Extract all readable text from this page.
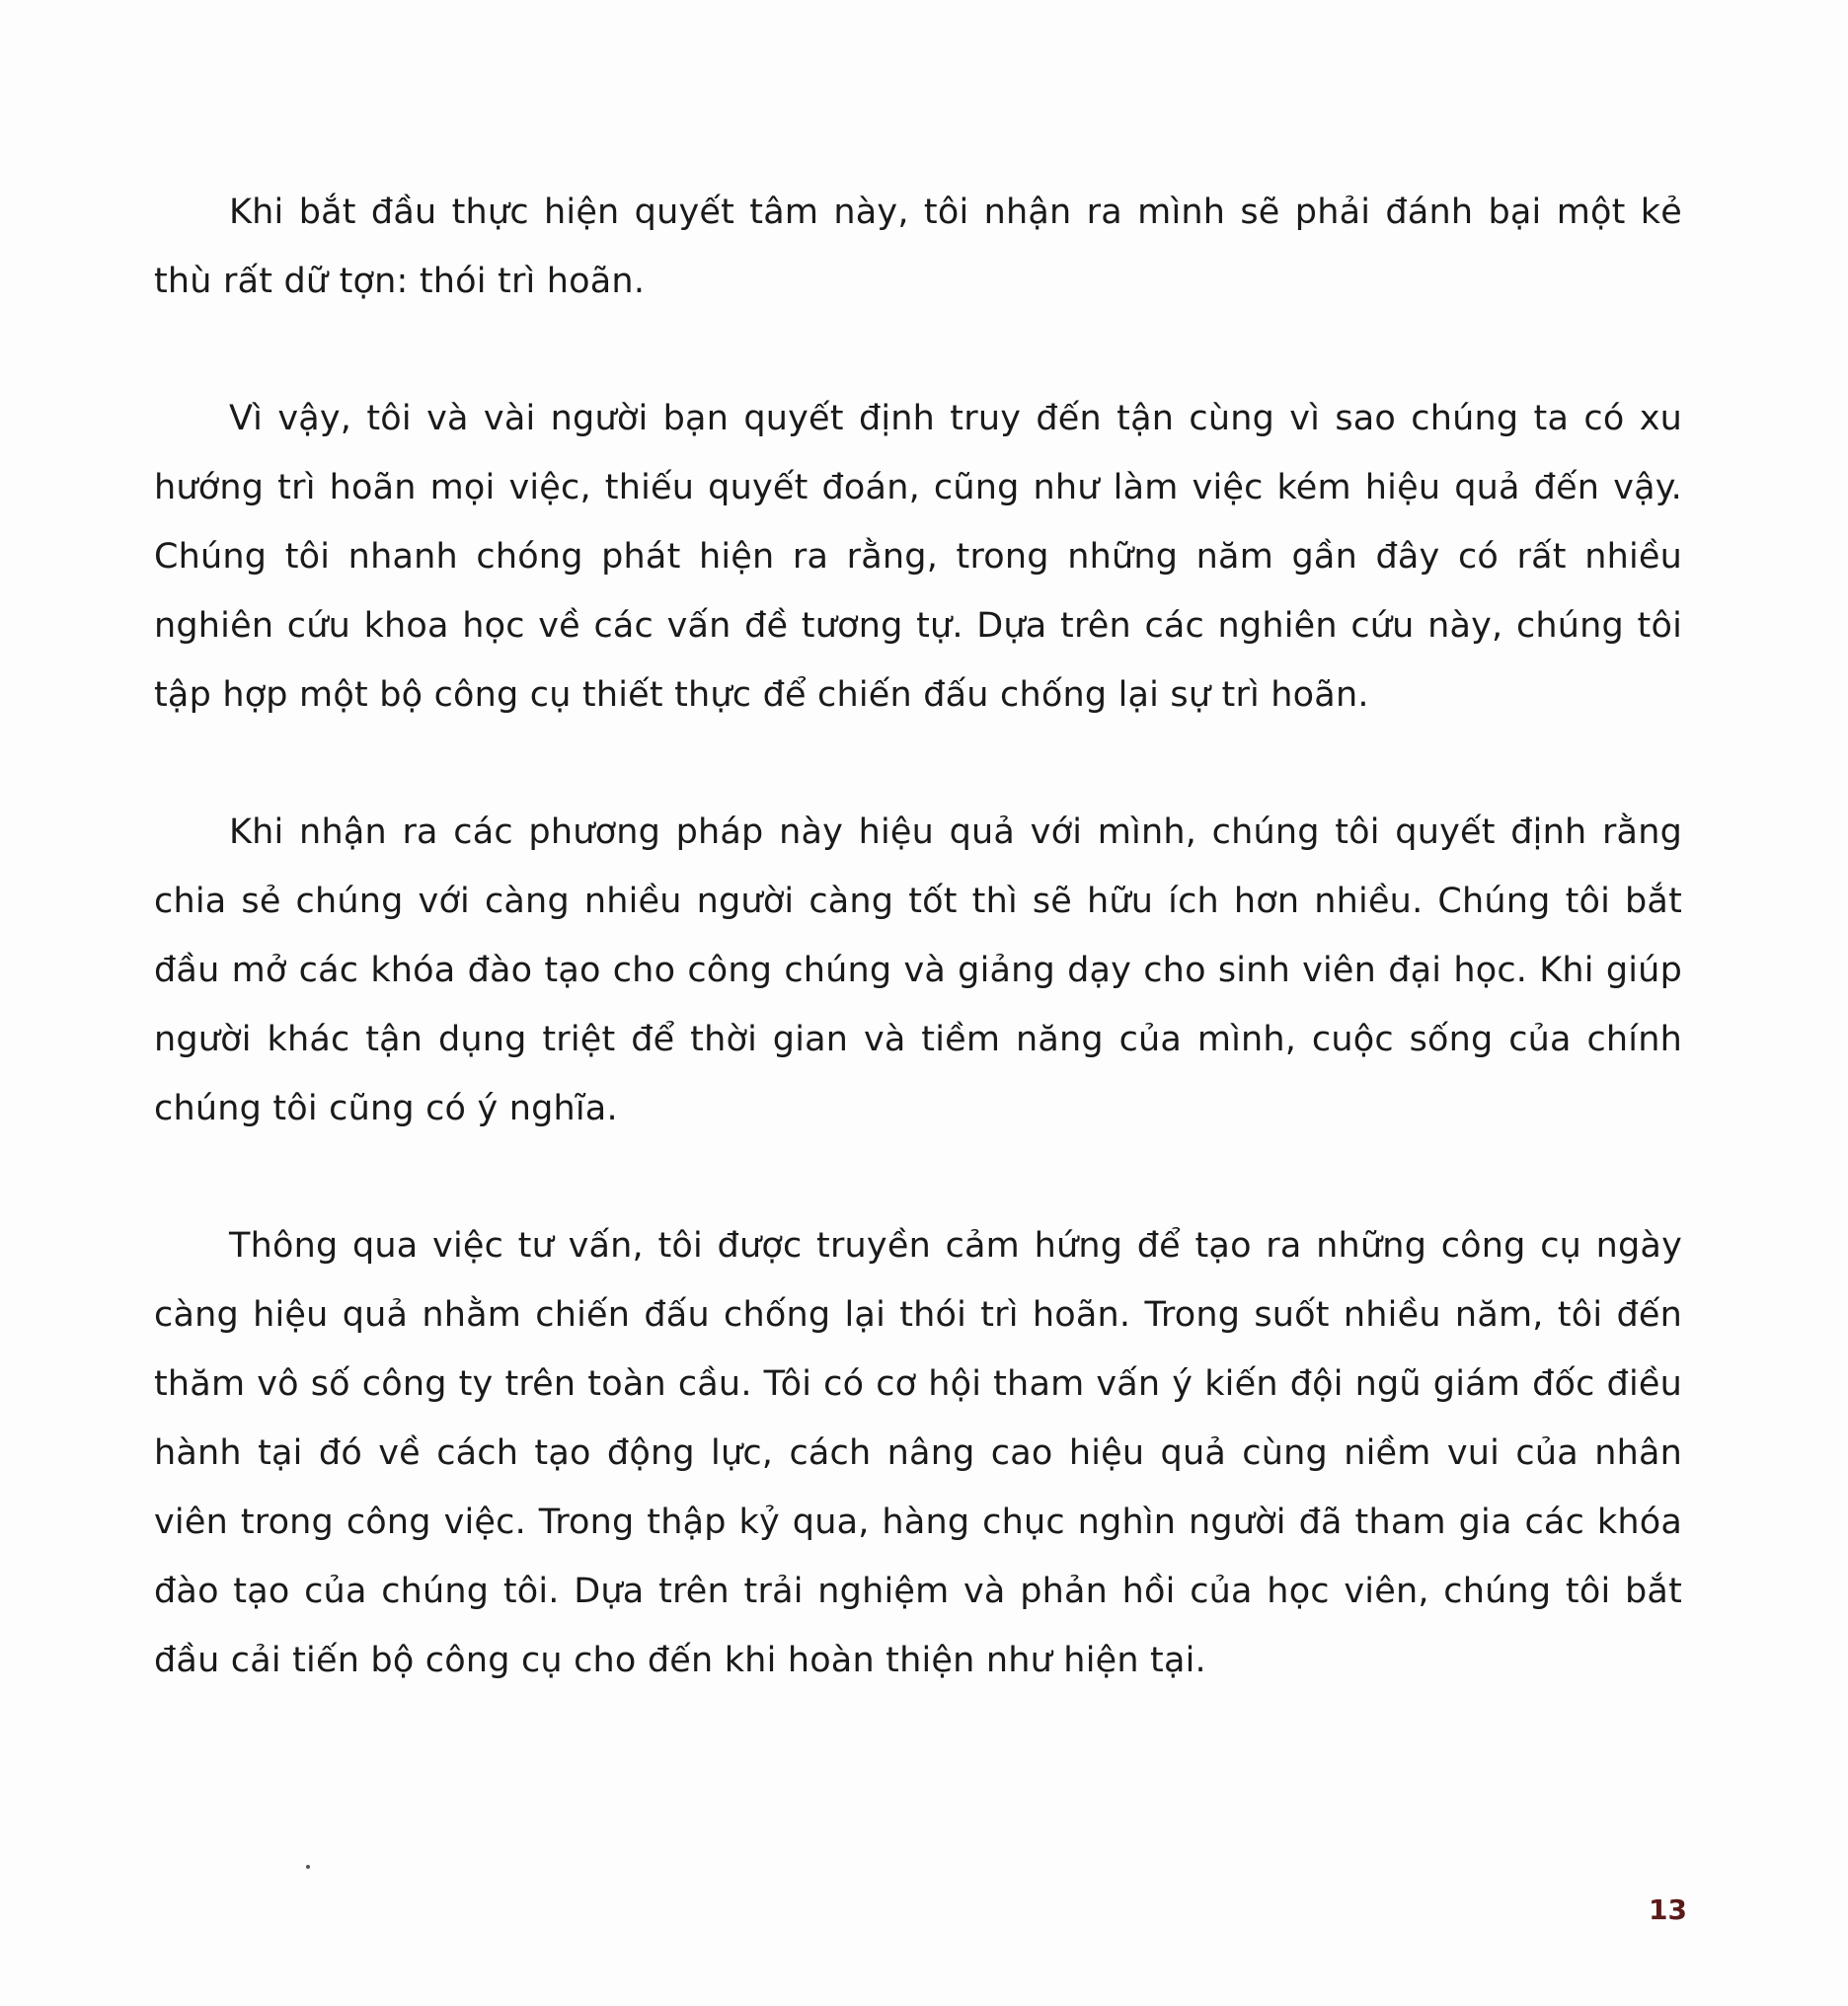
Khi bắt đầu thực hiện quyết tâm này, tôi nhận ra mình sẽ phải đánh bại một kẻ thù rất dữ tợn: thói trì hoãn.

Vì vậy, tôi và vài người bạn quyết định truy đến tận cùng vì sao chúng ta có xu hướng trì hoãn mọi việc, thiếu quyết đoán, cũng như làm việc kém hiệu quả đến vậy. Chúng tôi nhanh chóng phát hiện ra rằng, trong những năm gần đây có rất nhiều nghiên cứu khoa học về các vấn đề tương tự. Dựa trên các nghiên cứu này, chúng tôi tập hợp một bộ công cụ thiết thực để chiến đấu chống lại sự trì hoãn.

Khi nhận ra các phương pháp này hiệu quả với mình, chúng tôi quyết định rằng chia sẻ chúng với càng nhiều người càng tốt thì sẽ hữu ích hơn nhiều. Chúng tôi bắt đầu mở các khóa đào tạo cho công chúng và giảng dạy cho sinh viên đại học. Khi giúp người khác tận dụng triệt để thời gian và tiềm năng của mình, cuộc sống của chính chúng tôi cũng có ý nghĩa.

Thông qua việc tư vấn, tôi được truyền cảm hứng để tạo ra những công cụ ngày càng hiệu quả nhằm chiến đấu chống lại thói trì hoãn. Trong suốt nhiều năm, tôi đến thăm vô số công ty trên toàn cầu. Tôi có cơ hội tham vấn ý kiến đội ngũ giám đốc điều hành tại đó về cách tạo động lực, cách nâng cao hiệu quả cùng niềm vui của nhân viên trong công việc. Trong thập kỷ qua, hàng chục nghìn người đã tham gia các khóa đào tạo của chúng tôi. Dựa trên trải nghiệm và phản hồi của học viên, chúng tôi bắt đầu cải tiến bộ công cụ cho đến khi hoàn thiện như hiện tại.

13
